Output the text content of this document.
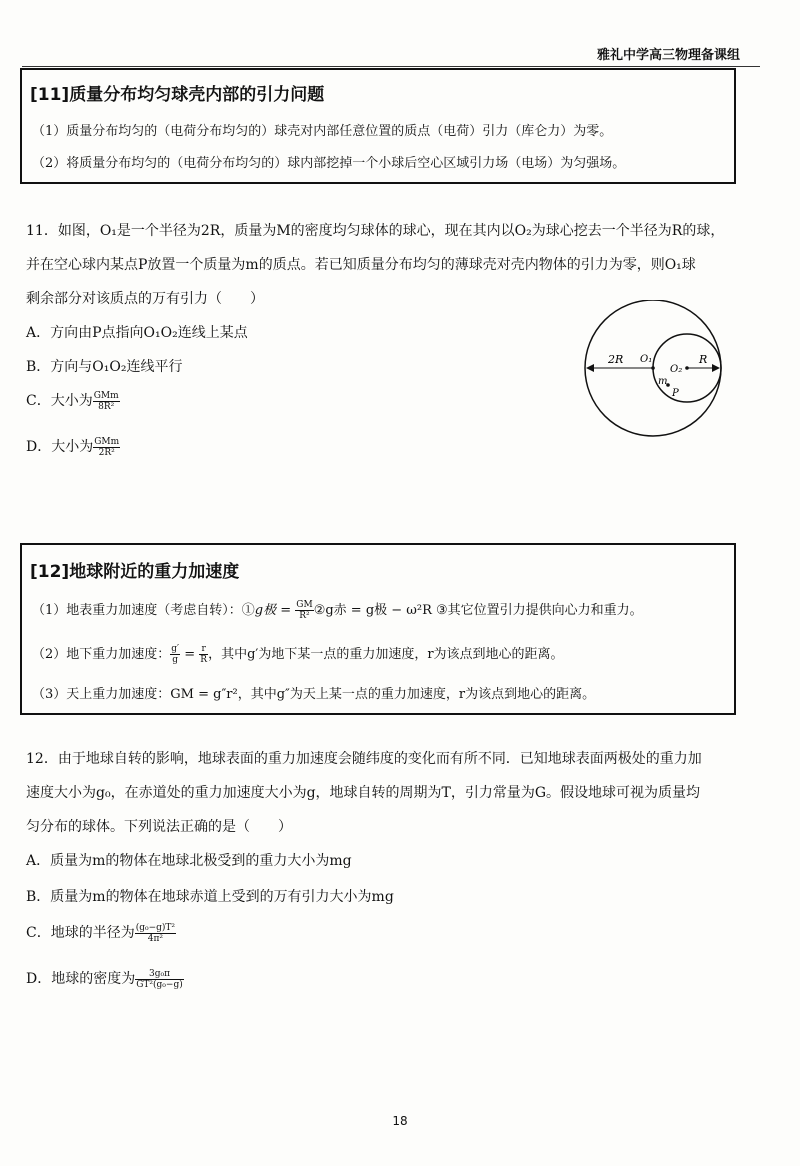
雅礼中学高三物理备课组
[11]质量分布均匀球壳内部的引力问题
（1）质量分布均匀的（电荷分布均匀的）球壳对内部任意位置的质点（电荷）引力（库仑力）为零。
（2）将质量分布均匀的（电荷分布均匀的）球内部挖掉一个小球后空心区域引力场（电场）为匀强场。
11．如图，O₁是一个半径为2R，质量为M的密度均匀球体的球心，现在其内以O₂为球心挖去一个半径为R的球，
并在空心球内某点P放置一个质量为m的质点。若已知质量分布均匀的薄球壳对壳内物体的引力为零，则O₁球
剩余部分对该质点的万有引力（　　）
A．方向由P点指向O₁O₂连线上某点
B．方向与O₁O₂连线平行
C．大小为 $\frac{\text{GMm}}{\text{8R²}}$
D．大小为 $\frac{\text{GMm}}{\text{2R²}}$
2R O₁
O₂
R
m
P
[12]地球附近的重力加速度
（1）地表重力加速度（考虑自转）：①g极 = $\frac{GM}{\text{R²}}$ ②g赤 = g极 − ω²R ③其它位置引力提供向心力和重力。
（2）地下重力加速度： $\frac{g'}{g} = \frac{r}{R}$ ，其中g′为地下某一点的重力加速度，r为该点到地心的距离。
（3）天上重力加速度：GM = g″r²，其中g″为天上某一点的重力加速度，r为该点到地心的距离。
12．由于地球自转的影响，地球表面的重力加速度会随纬度的变化而有所不同．已知地球表面两极处的重力加
速度大小为g₀，在赤道处的重力加速度大小为g，地球自转的周期为T，引力常量为G。假设地球可视为质量均
匀分布的球体。下列说法正确的是（　　）
A．质量为m的物体在地球北极受到的重力大小为mg
B．质量为m的物体在地球赤道上受到的万有引力大小为mg
C．地球的半径为 $\frac{\text{(g₀−g)T²}}{\text{4π²}}$
D．地球的密度为 $\frac{\text{3g₀π}}{\text{GT²(g₀−g)}}$
18
